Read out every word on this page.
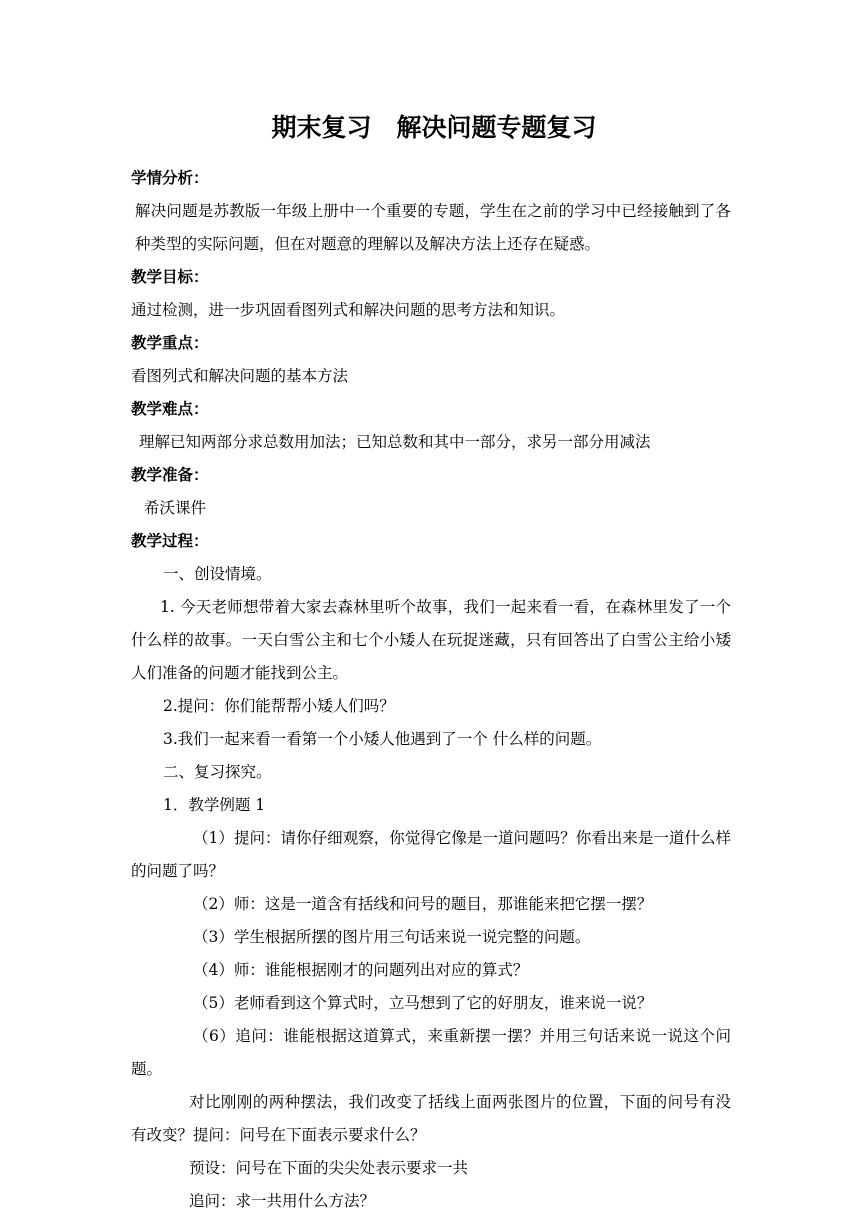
期末复习　解决问题专题复习
学情分析：
解决问题是苏教版一年级上册中一个重要的专题，学生在之前的学习中已经接触到了各种类型的实际问题，但在对题意的理解以及解决方法上还存在疑惑。
教学目标：
通过检测，进一步巩固看图列式和解决问题的思考方法和知识。
教学重点：
看图列式和解决问题的基本方法
教学难点：
理解已知两部分求总数用加法；已知总数和其中一部分，求另一部分用减法
教学准备：
希沃课件
教学过程：
一、创设情境。
1. 今天老师想带着大家去森林里听个故事，我们一起来看一看，在森林里发了一个什么样的故事。一天白雪公主和七个小矮人在玩捉迷藏，只有回答出了白雪公主给小矮人们准备的问题才能找到公主。
2.提问：你们能帮帮小矮人们吗？
3.我们一起来看一看第一个小矮人他遇到了一个 什么样的问题。
二、复习探究。
1．教学例题 1
（1）提问：请你仔细观察，你觉得它像是一道问题吗？你看出来是一道什么样的问题了吗？
（2）师：这是一道含有括线和问号的题目，那谁能来把它摆一摆？
（3）学生根据所摆的图片用三句话来说一说完整的问题。
（4）师：谁能根据刚才的问题列出对应的算式？
（5）老师看到这个算式时，立马想到了它的好朋友，谁来说一说？
（6）追问：谁能根据这道算式，来重新摆一摆？并用三句话来说一说这个问题。
对比刚刚的两种摆法，我们改变了括线上面两张图片的位置，下面的问号有没有改变？提问：问号在下面表示要求什么？
预设：问号在下面的尖尖处表示要求一共
追问：求一共用什么方法？
